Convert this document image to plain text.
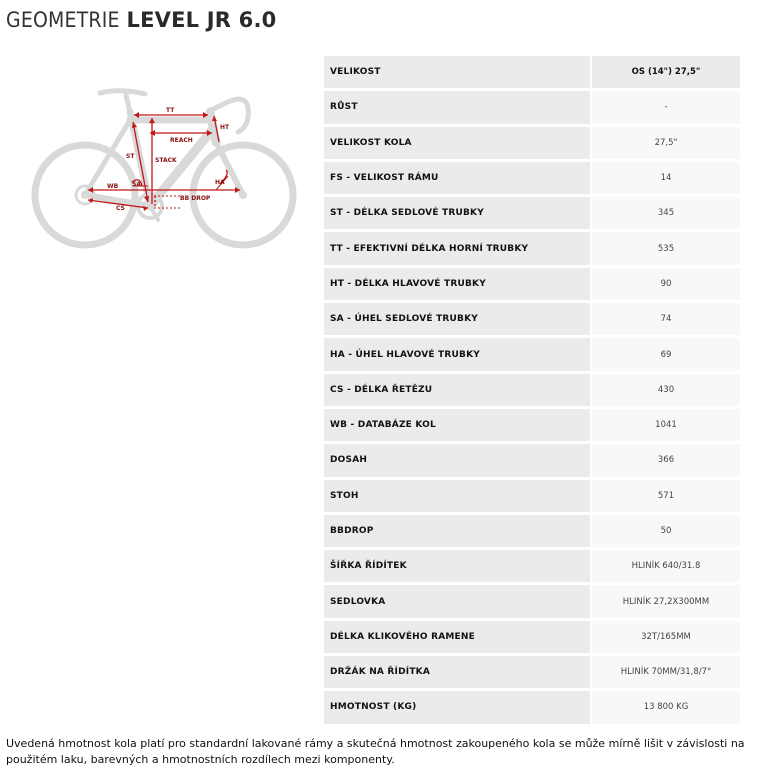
GEOMETRIE LEVEL JR 6.0
TT
HT
REACH
ST
STACK
HA
WB SA
CS
BB DROP
VELIKOST	OS (14") 27,5"
RŮST	-
VELIKOST KOLA	27,5"
FS - VELIKOST RÁMU	14
ST - DÉLKA SEDLOVÉ TRUBKY	345
TT - EFEKTIVNÍ DÉLKA HORNÍ TRUBKY	535
HT - DÉLKA HLAVOVÉ TRUBKY	90
SA - ÚHEL SEDLOVÉ TRUBKY	74
HA - ÚHEL HLAVOVÉ TRUBKY	69
CS - DÉLKA ŘETĚZU	430
WB - DATABÁZE KOL	1041
DOSAH	366
STOH	571
BBDROP	50
ŠÍŘKA ŘÍDÍTEK	HLINÍK 640/31.8
SEDLOVKA	HLINÍK 27,2X300MM
DÉLKA KLIKOVÉHO RAMENE	32T/165MM
DRŽÁK NA ŘÍDÍTKA	HLINÍK 70MM/31,8/7°
HMOTNOST (KG)	13 800 KG
Uvedená hmotnost kola platí pro standardní lakované rámy a skutečná hmotnost zakoupeného kola se může mírně lišit v závislosti na použitém laku, barevných a hmotnostních rozdílech mezi komponenty.
